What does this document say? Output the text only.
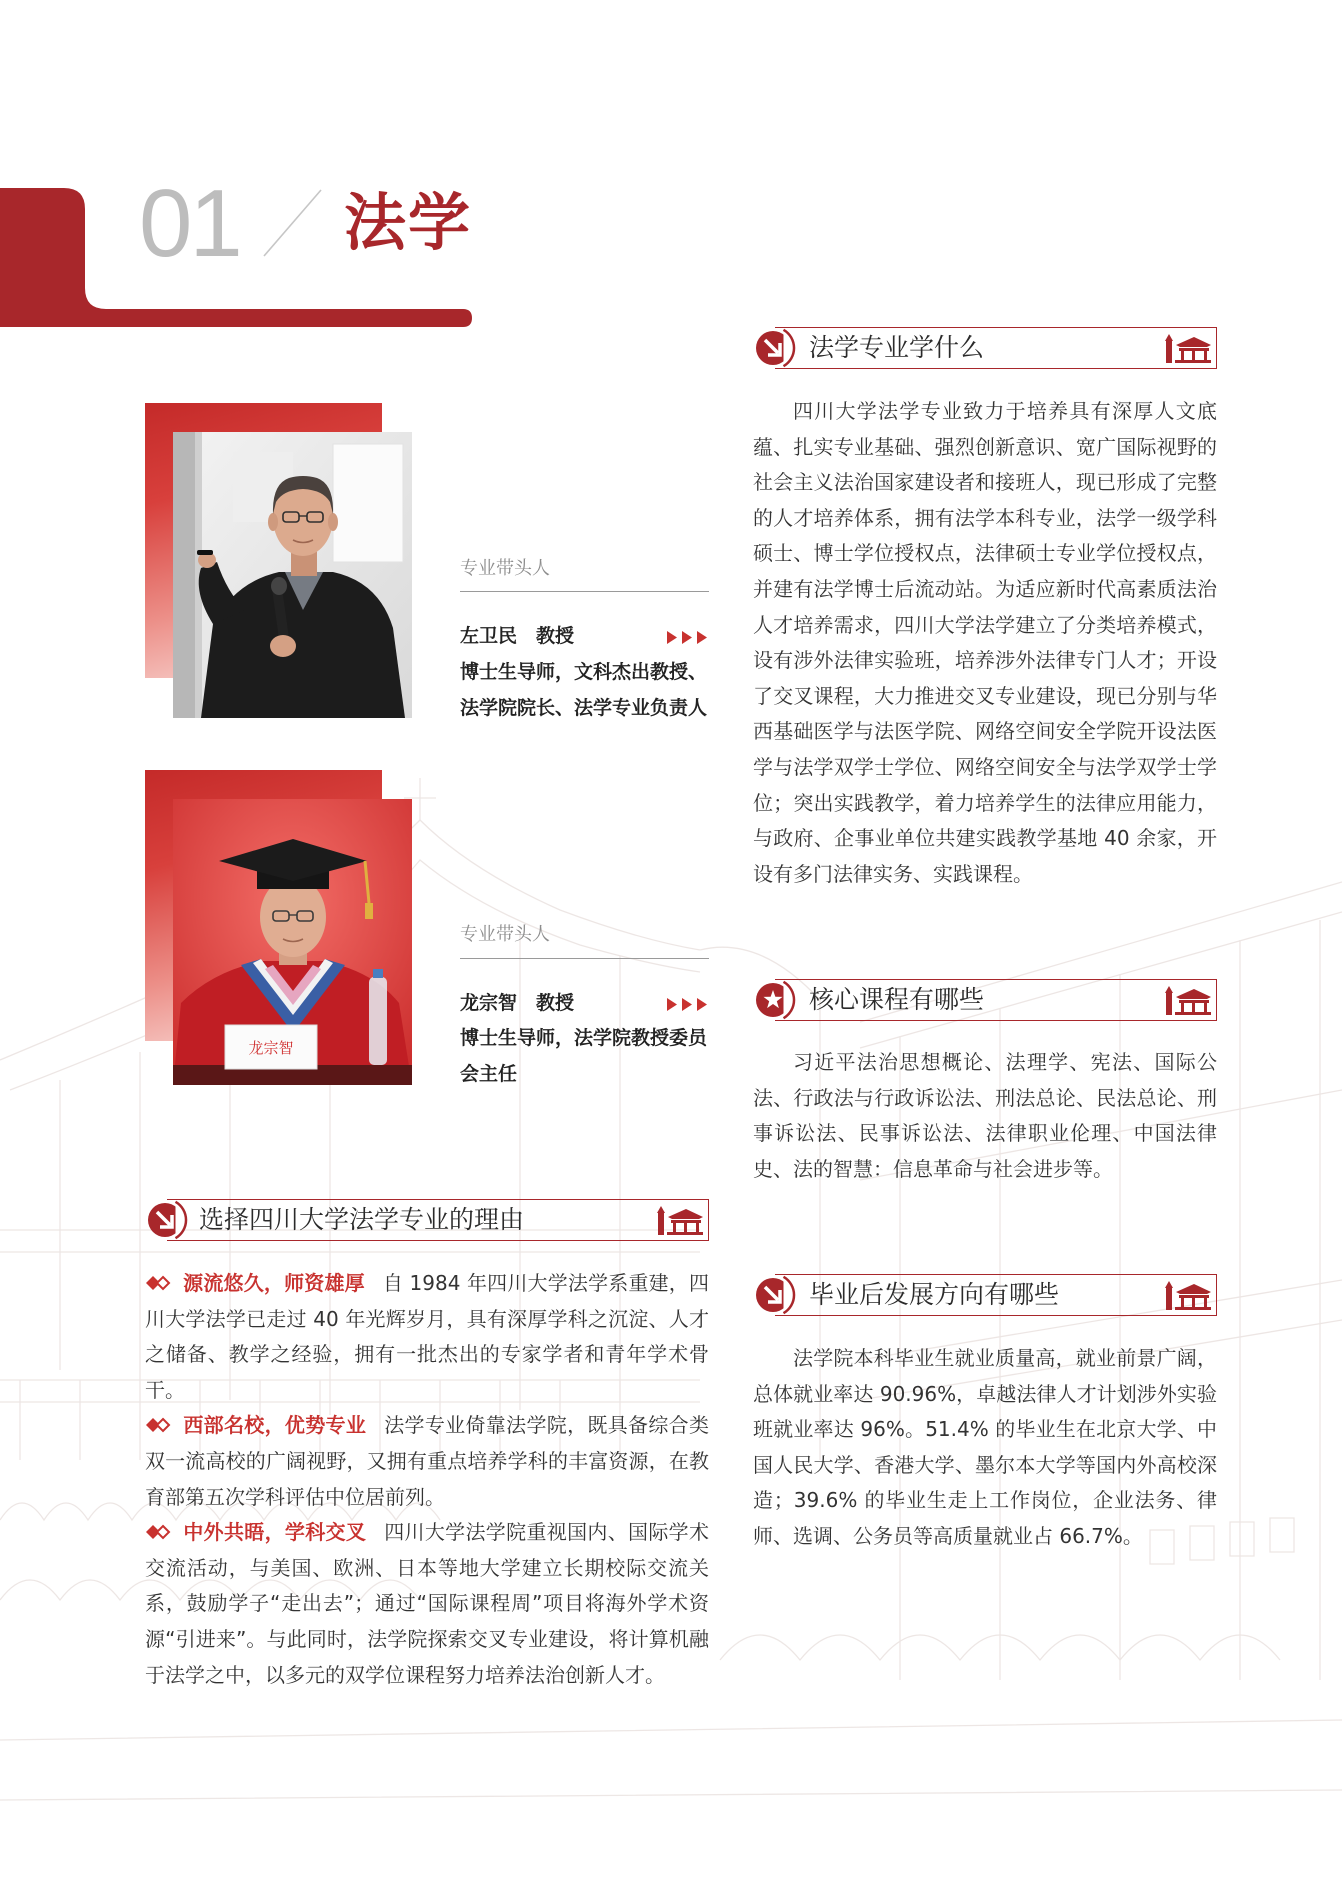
01 法学
专业带头人
左卫民 教授

博士生导师，文科杰出教授、法学院院长、法学专业负责人

龙宗智
专业带头人
龙宗智 教授

博士生导师，法学院教授委员会主任

法学专业学什么

四川大学法学专业致力于培养具有深厚人文底蕴、扎实专业基础、强烈创新意识、宽广国际视野的社会主义法治国家建设者和接班人，现已形成了完整的人才培养体系，拥有法学本科专业，法学一级学科硕士、博士学位授权点，法律硕士专业学位授权点，并建有法学博士后流动站。为适应新时代高素质法治人才培养需求，四川大学法学建立了分类培养模式，设有涉外法律实验班，培养涉外法律专门人才；开设了交叉课程，大力推进交叉专业建设，现已分别与华西基础医学与法医学院、网络空间安全学院开设法医学与法学双学士学位、网络空间安全与法学双学士学位；突出实践教学，着力培养学生的法律应用能力，与政府、企事业单位共建实践教学基地 40 余家，开设有多门法律实务、实践课程。

核心课程有哪些

习近平法治思想概论、法理学、宪法、国际公法、行政法与行政诉讼法、刑法总论、民法总论、刑事诉讼法、民事诉讼法、法律职业伦理、中国法律史、法的智慧：信息革命与社会进步等。

毕业后发展方向有哪些

法学院本科毕业生就业质量高，就业前景广阔，总体就业率达 90.96%，卓越法律人才计划涉外实验班就业率达 96%。51.4% 的毕业生在北京大学、中国人民大学、香港大学、墨尔本大学等国内外高校深造；39.6% 的毕业生走上工作岗位，企业法务、律师、选调、公务员等高质量就业占 66.7%。

选择四川大学法学专业的理由

源流悠久，师资雄厚 自 1984 年四川大学法学系重建，四川大学法学已走过 40 年光辉岁月，具有深厚学科之沉淀、人才之储备、教学之经验，拥有一批杰出的专家学者和青年学术骨干。

西部名校，优势专业 法学专业倚靠法学院，既具备综合类双一流高校的广阔视野，又拥有重点培养学科的丰富资源，在教育部第五次学科评估中位居前列。

中外共晤，学科交叉 四川大学法学院重视国内、国际学术交流活动，与美国、欧洲、日本等地大学建立长期校际交流关系，鼓励学子“走出去”；通过“国际课程周”项目将海外学术资源“引进来”。与此同时，法学院探索交叉专业建设，将计算机融于法学之中，以多元的双学位课程努力培养法治创新人才。
